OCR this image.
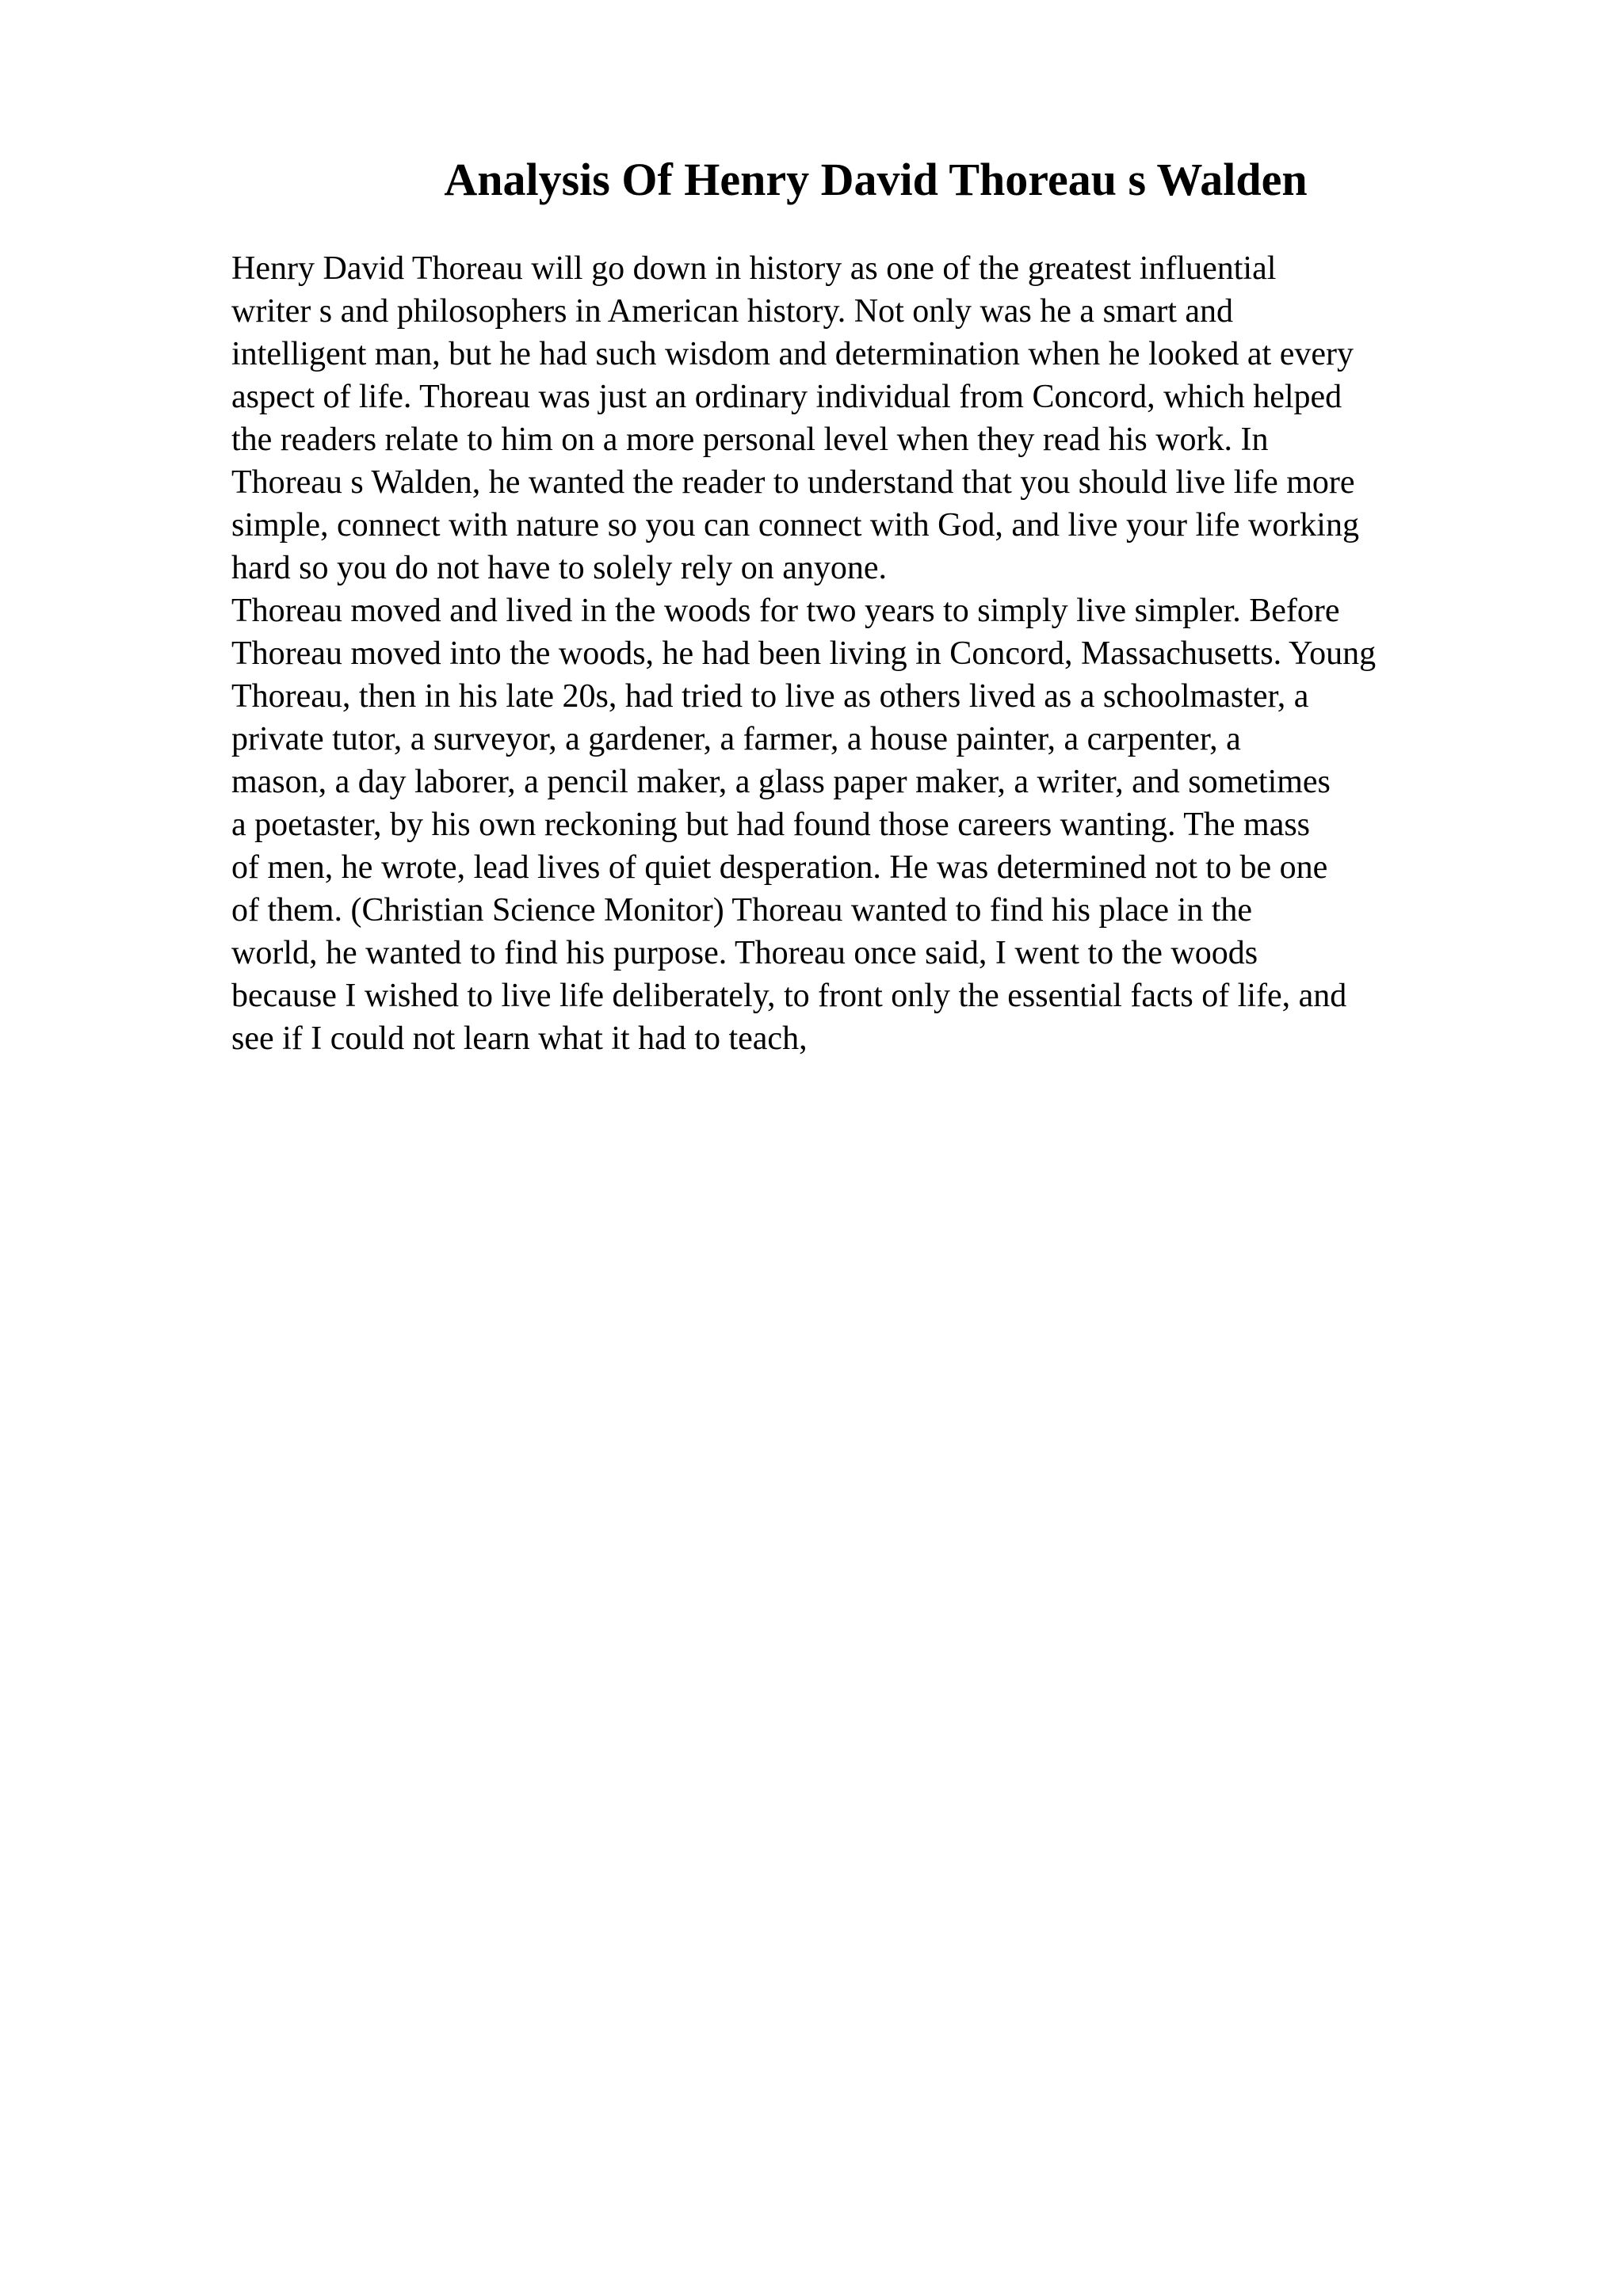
Analysis Of Henry David Thoreau s Walden
Henry David Thoreau will go down in history as one of the greatest influential
writer s and philosophers in American history. Not only was he a smart and
intelligent man, but he had such wisdom and determination when he looked at every
aspect of life. Thoreau was just an ordinary individual from Concord, which helped
the readers relate to him on a more personal level when they read his work. In
Thoreau s Walden, he wanted the reader to understand that you should live life more
simple, connect with nature so you can connect with God, and live your life working
hard so you do not have to solely rely on anyone.
Thoreau moved and lived in the woods for two years to simply live simpler. Before
Thoreau moved into the woods, he had been living in Concord, Massachusetts. Young
Thoreau, then in his late 20s, had tried to live as others lived as a schoolmaster, a
private tutor, a surveyor, a gardener, a farmer, a house painter, a carpenter, a
mason, a day laborer, a pencil maker, a glass paper maker, a writer, and sometimes
a poetaster, by his own reckoning but had found those careers wanting. The mass
of men, he wrote, lead lives of quiet desperation. He was determined not to be one
of them. (Christian Science Monitor) Thoreau wanted to find his place in the
world, he wanted to find his purpose. Thoreau once said, I went to the woods
because I wished to live life deliberately, to front only the essential facts of life, and
see if I could not learn what it had to teach,
